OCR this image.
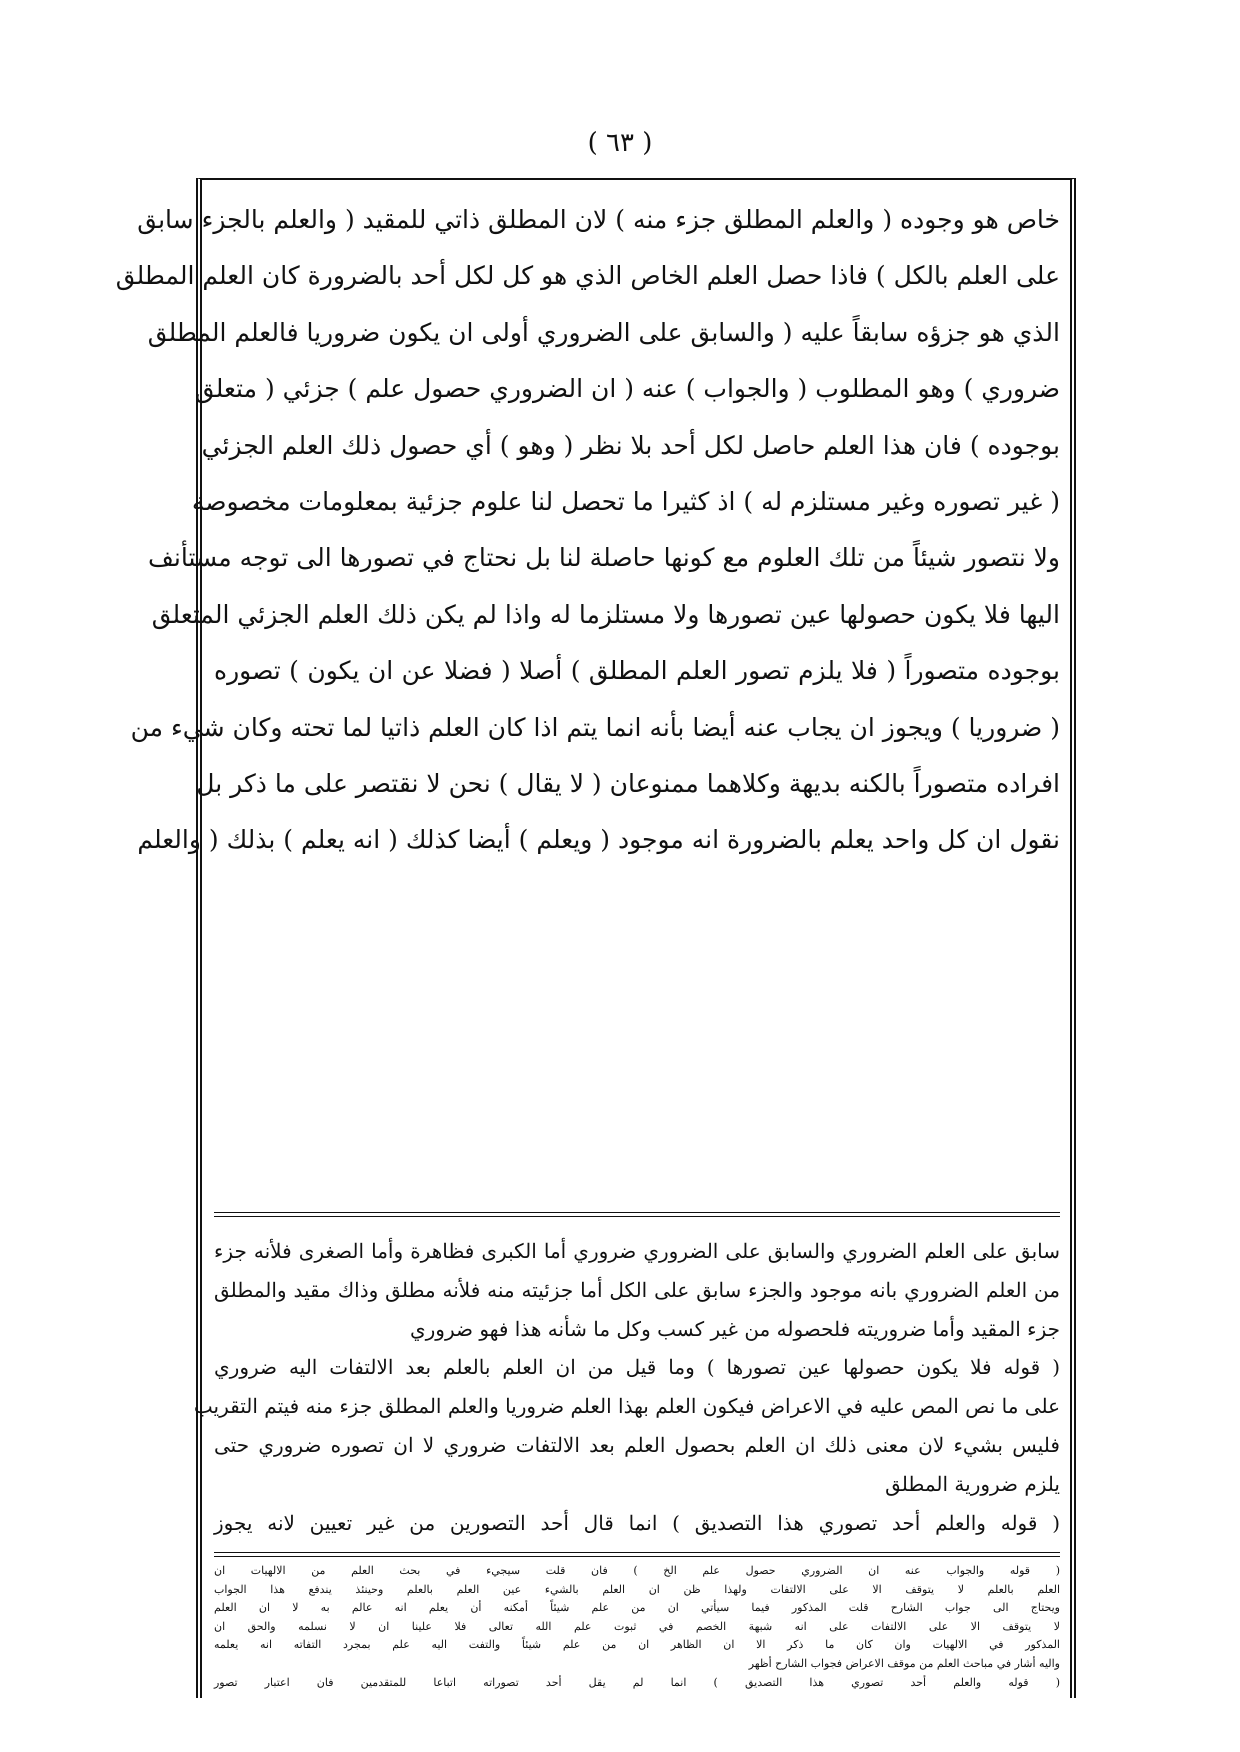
( ٦٣ )

خاص هو وجوده ( والعلم المطلق جزء منه ) لان المطلق ذاتي للمقيد ( والعلم بالجزء سابق

على العلم بالكل ) فاذا حصل العلم الخاص الذي هو كل لكل أحد بالضرورة كان العلم المطلق

الذي هو جزؤه سابقاً عليه ( والسابق على الضروري أولى ان يكون ضروريا فالعلم المطلق

ضروري ) وهو المطلوب ( والجواب ) عنه ( ان الضروري حصول علم ) جزئي ( متعلق

بوجوده ) فان هذا العلم حاصل لكل أحد بلا نظر ( وهو ) أي حصول ذلك العلم الجزئي

( غير تصوره وغير مستلزم له ) اذ كثيرا ما تحصل لنا علوم جزئية بمعلومات مخصوصة

ولا نتصور شيئاً من تلك العلوم مع كونها حاصلة لنا بل نحتاج في تصورها الى توجه مستأنف

اليها فلا يكون حصولها عين تصورها ولا مستلزما له واذا لم يكن ذلك العلم الجزئي المتعلق

بوجوده متصوراً ( فلا يلزم تصور العلم المطلق ) أصلا ( فضلا عن ان يكون ) تصوره

( ضروريا ) ويجوز ان يجاب عنه أيضا بأنه انما يتم اذا كان العلم ذاتيا لما تحته وكان شيء من

افراده متصوراً بالكنه بديهة وكلاهما ممنوعان ( لا يقال ) نحن لا نقتصر على ما ذكر بل

نقول ان كل واحد يعلم بالضرورة انه موجود ( ويعلم ) أيضا كذلك ( انه يعلم ) بذلك ( والعلم

سابق على العلم الضروري والسابق على الضروري ضروري أما الكبرى فظاهرة وأما الصغرى فلأنه جزء

من العلم الضروري بانه موجود والجزء سابق على الكل أما جزئيته منه فلأنه مطلق وذاك مقيد والمطلق

جزء المقيد وأما ضروريته فلحصوله من غير كسب وكل ما شأنه هذا فهو ضروري

( قوله فلا يكون حصولها عين تصورها ) وما قيل من ان العلم بالعلم بعد الالتفات اليه ضروري

على ما نص المص عليه في الاعراض فيكون العلم بهذا العلم ضروريا والعلم المطلق جزء منه فيتم التقريب

فليس بشيء لان معنى ذلك ان العلم بحصول العلم بعد الالتفات ضروري لا ان تصوره ضروري حتى

يلزم ضرورية المطلق

( قوله والعلم أحد تصوري هذا التصديق ) انما قال أحد التصورين من غير تعيين لانه يجوز

( قوله والجواب عنه ان الضروري حصول علم الخ ) فان قلت سيجيء في بحث العلم من الالهيات ان

العلم بالعلم لا يتوقف الا على الالتفات ولهذا ظن ان العلم بالشيء عين العلم بالعلم وحينئذ يندفع هذا الجواب

ويحتاج الى جواب الشارح قلت المذكور فيما سيأتي ان من علم شيئاً أمكنه أن يعلم انه عالم به لا ان العلم

لا يتوقف الا على الالتفات على انه شبهة الخصم في ثبوت علم الله تعالى فلا علينا ان لا نسلمه والحق ان

المذكور في الالهيات وان كان ما ذكر الا ان الظاهر ان من علم شيئاً والتفت اليه علم بمجرد التفاته انه يعلمه

واليه أشار في مباحث العلم من موقف الاعراض فجواب الشارح أظهر

( قوله والعلم أحد تصوري هذا التصديق ) انما لم يقل أحد تصوراته اتباعا للمتقدمين فان اعتبار تصور
